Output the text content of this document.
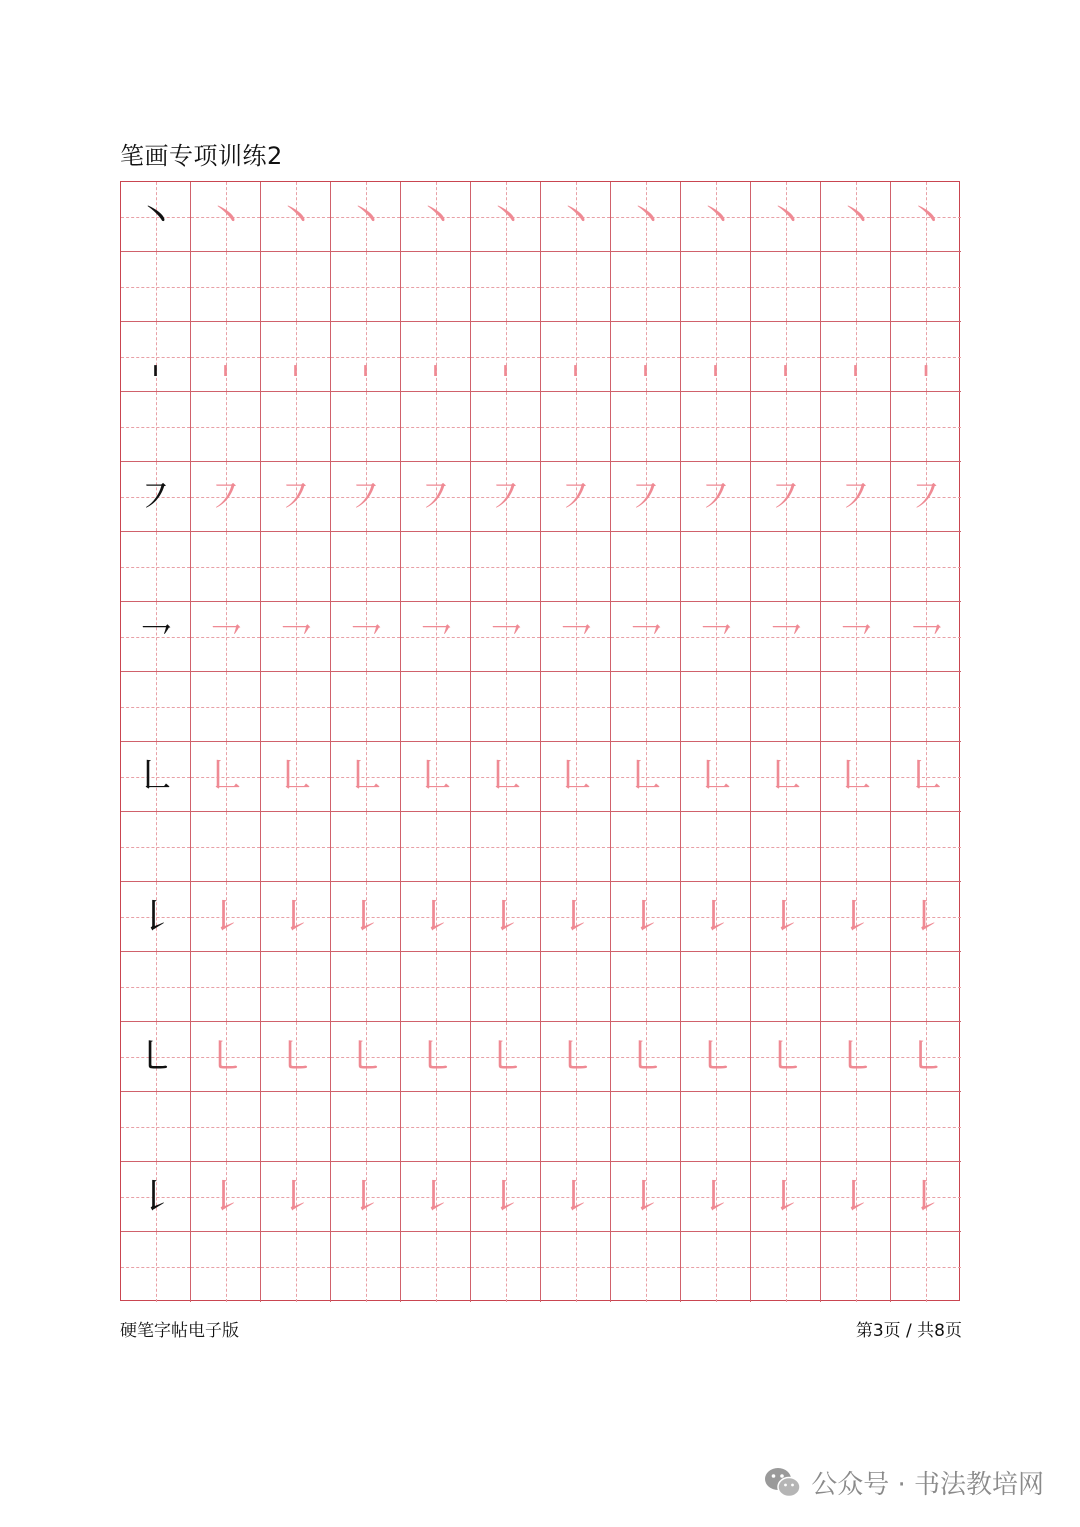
笔画专项训练2
㇔ ㇔ ㇔ ㇔ ㇔ ㇔ ㇔ ㇔ ㇔ ㇔ ㇔ ㇔
ˌ ˌ ˌ ˌ ˌ ˌ ˌ ˌ ˌ ˌ ˌ ˌ
㇇ ㇇ ㇇ ㇇ ㇇ ㇇ ㇇ ㇇ ㇇ ㇇ ㇇ ㇇
㇖ ㇖ ㇖ ㇖ ㇖ ㇖ ㇖ ㇖ ㇖ ㇖ ㇖ ㇖
㇗ ㇗ ㇗ ㇗ ㇗ ㇗ ㇗ ㇗ ㇗ ㇗ ㇗ ㇗
㇙ ㇙ ㇙ ㇙ ㇙ ㇙ ㇙ ㇙ ㇙ ㇙ ㇙ ㇙
㇄ ㇄ ㇄ ㇄ ㇄ ㇄ ㇄ ㇄ ㇄ ㇄ ㇄ ㇄
㇙ ㇙ ㇙ ㇙ ㇙ ㇙ ㇙ ㇙ ㇙ ㇙ ㇙ ㇙
硬笔字帖电子版	第3页 / 共8页
公众号 · 书法教培网
